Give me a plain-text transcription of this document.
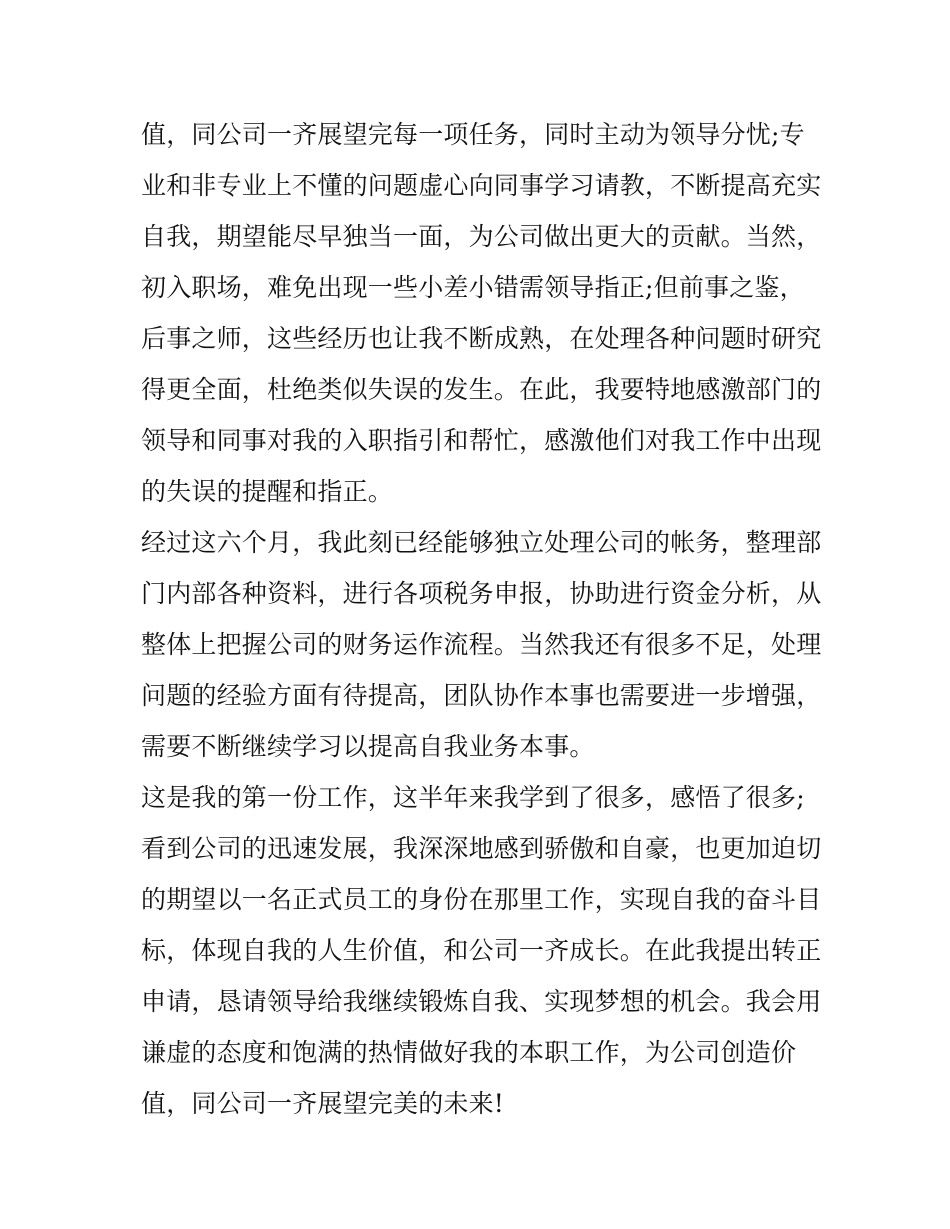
值，同公司一齐展望完每一项任务，同时主动为领导分忧;专
业和非专业上不懂的问题虚心向同事学习请教，不断提高充实
自我，期望能尽早独当一面，为公司做出更大的贡献。当然，
初入职场，难免出现一些小差小错需领导指正;但前事之鉴，
后事之师，这些经历也让我不断成熟，在处理各种问题时研究
得更全面，杜绝类似失误的发生。在此，我要特地感激部门的
领导和同事对我的入职指引和帮忙，感激他们对我工作中出现
的失误的提醒和指正。
经过这六个月，我此刻已经能够独立处理公司的帐务，整理部
门内部各种资料，进行各项税务申报，协助进行资金分析，从
整体上把握公司的财务运作流程。当然我还有很多不足，处理
问题的经验方面有待提高，团队协作本事也需要进一步增强，
需要不断继续学习以提高自我业务本事。
这是我的第一份工作，这半年来我学到了很多，感悟了很多;
看到公司的迅速发展，我深深地感到骄傲和自豪，也更加迫切
的期望以一名正式员工的身份在那里工作，实现自我的奋斗目
标，体现自我的人生价值，和公司一齐成长。在此我提出转正
申请，恳请领导给我继续锻炼自我、实现梦想的机会。我会用
谦虚的态度和饱满的热情做好我的本职工作，为公司创造价
值，同公司一齐展望完美的未来!
